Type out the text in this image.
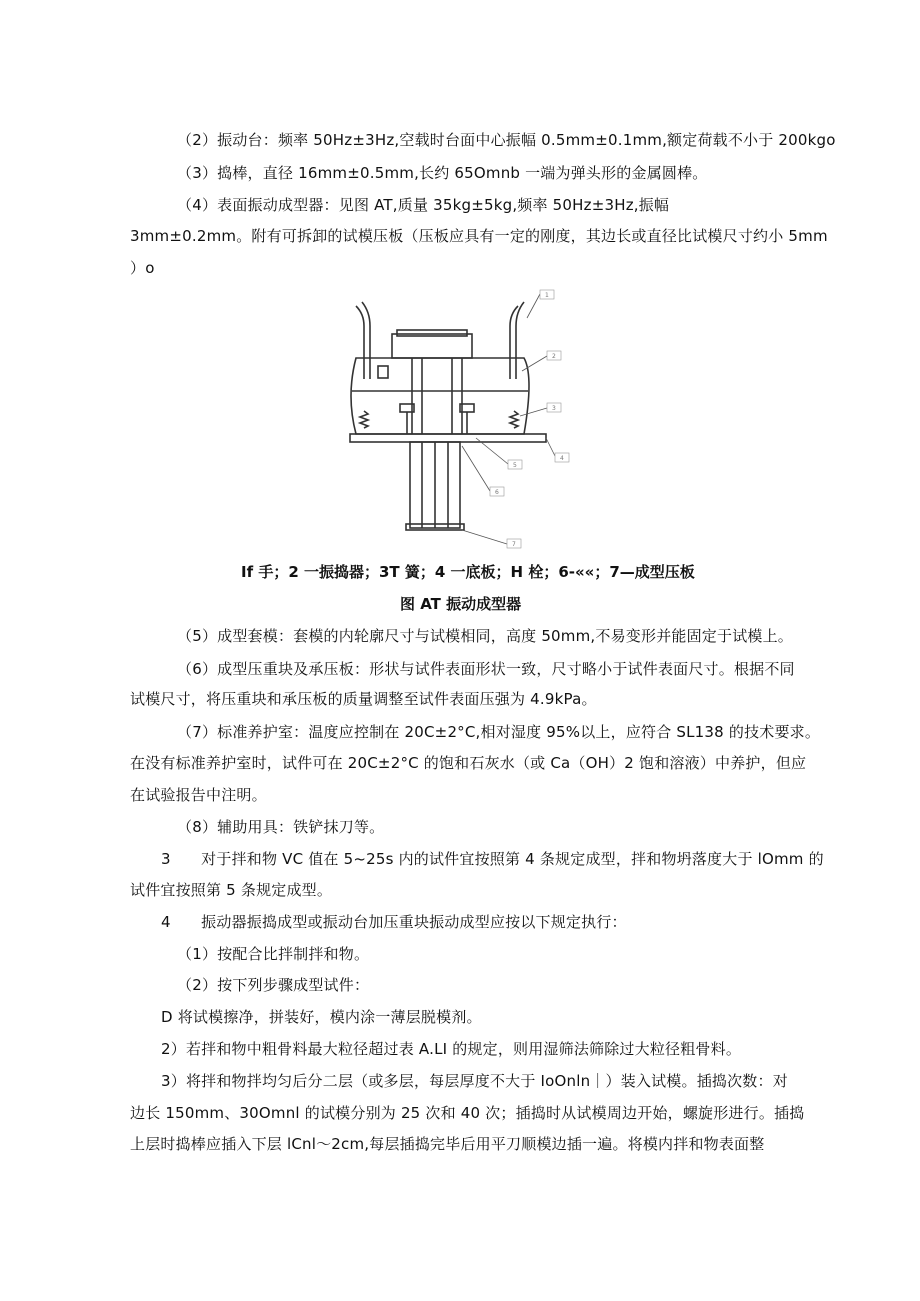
（2）振动台：频率 50Hz±3Hz,空载时台面中心振幅 0.5mm±0.1mm,额定荷载不小于 200kgo
（3）捣棒，直径 16mm±0.5mm,长约 65Omnb 一端为弹头形的金属圆棒。
（4）表面振动成型器：见图 AT,质量 35kg±5kg,频率 50Hz±3Hz,振幅
3mm±0.2mm。附有可拆卸的试模压板（压板应具有一定的刚度，其边长或直径比试模尺寸约小 5mm
）o
1
2
3
4
5
6
7
If 手；2 一振捣器；3T 簧；4 一底板；H 栓；6-««；7—成型压板
图 AT 振动成型器
（5）成型套模：套模的内轮廓尺寸与试模相同，高度 50mm,不易变形并能固定于试模上。
（6）成型压重块及承压板：形状与试件表面形状一致，尺寸略小于试件表面尺寸。根据不同
试模尺寸，将压重块和承压板的质量调整至试件表面压强为 4.9kPa。
（7）标准养护室：温度应控制在 20C±2°C,相对湿度 95%以上，应符合 SL138 的技术要求。
在没有标准养护室时，试件可在 20C±2°C 的饱和石灰水（或 Ca（OH）2 饱和溶液）中养护，但应
在试验报告中注明。
（8）辅助用具：铁铲抹刀等。
3　　对于拌和物 VC 值在 5~25s 内的试件宜按照第 4 条规定成型，拌和物坍落度大于 lOmm 的
试件宜按照第 5 条规定成型。
4　　振动器振捣成型或振动台加压重块振动成型应按以下规定执行：
（1）按配合比拌制拌和物。
（2）按下列步骤成型试件：
D 将试模擦净，拼装好，模内涂一薄层脱模剂。
2）若拌和物中粗骨料最大粒径超过表 A.LI 的规定，则用湿筛法筛除过大粒径粗骨料。
3）将拌和物拌均匀后分二层（或多层，每层厚度不大于 IoOnln｜）装入试模。插捣次数：对
边长 150mm、30Omnl 的试模分别为 25 次和 40 次；插捣时从试模周边开始，螺旋形进行。插捣
上层时捣棒应插入下层 lCnl～2cm,每层插捣完毕后用平刀顺模边插一遍。将模内拌和物表面整
